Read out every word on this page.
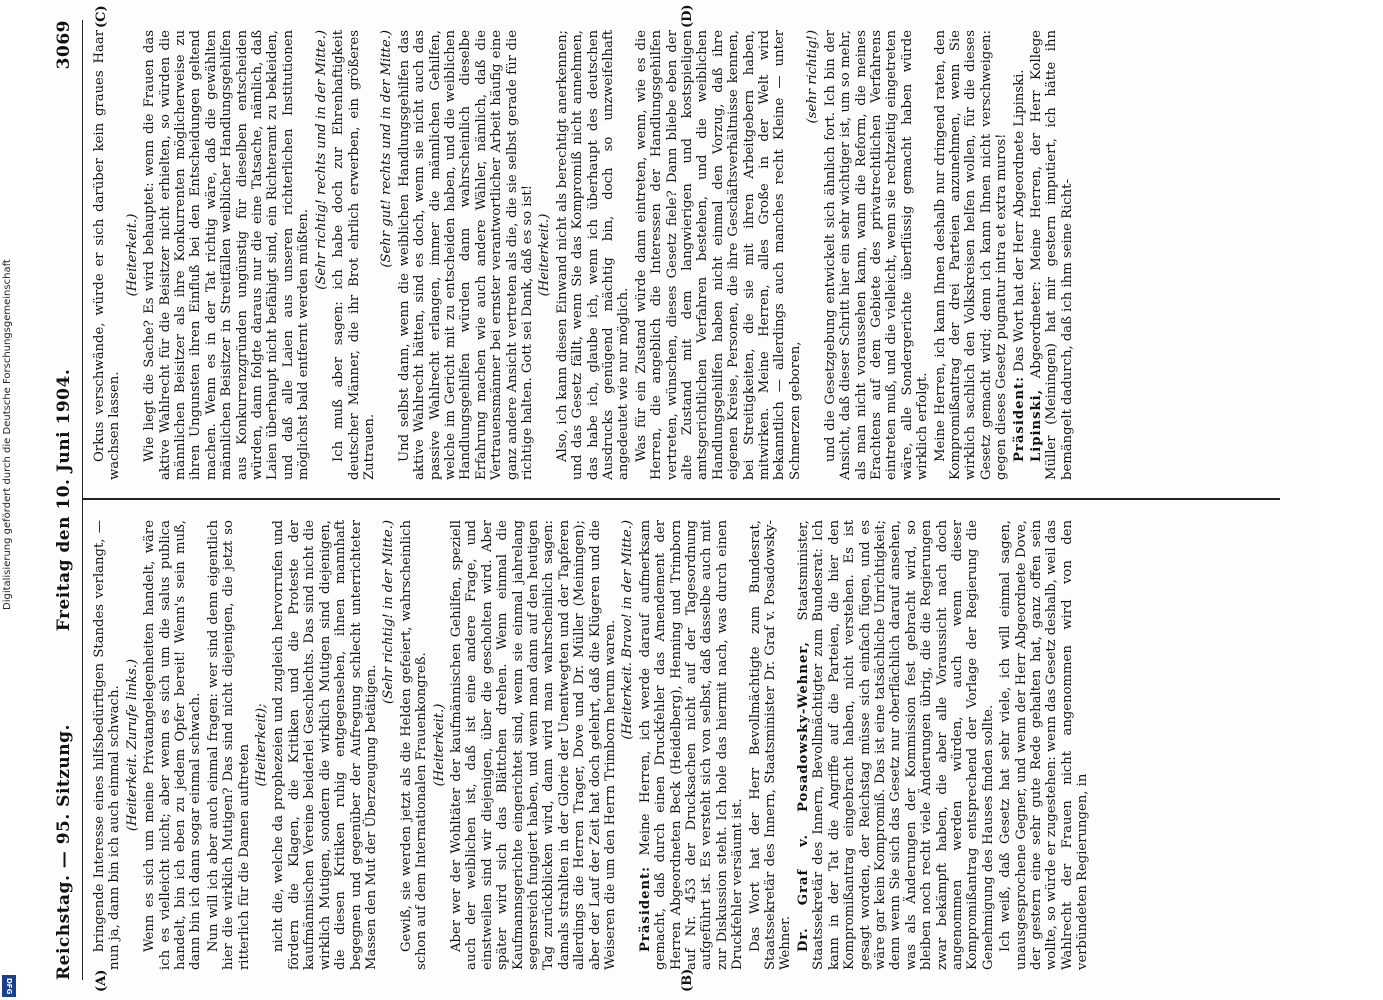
Reichstag. — 95. Sitzung.
Freitag den 10. Juni 1904.
3069
(A)	(B)
(C)	(D)

bringende Interesse eines hilfsbedürftigen Standes verlangt, — nun ja, dann bin ich auch einmal schwach. (Heiterkeit. Zurufe links.) Wenn es sich um meine Privatangelegenheiten handelt, wäre ich es vielleicht nicht; aber wenn es sich um die salus publica handelt, bin ich eben zu jedem Opfer bereit! Wenn's sein muß, dann bin ich dann sogar einmal schwach. Nun will ich aber auch einmal fragen: wer sind denn eigentlich hier die wirklich Mutigen? Das sind nicht diejenigen, die jetzt so ritterlich für die Damen auftreten (Heiterkeit); nicht die, welche da prophezeien und zugleich hervorrufen und fördern die Klagen, die Kritiken und die Proteste der kaufmännischen Vereine beiderlei Geschlechts. Das sind nicht die wirklich Mutigen, sondern die wirklich Mutigen sind diejenigen, die diesen Kritiken ruhig entgegensehen, ihnen mannhaft begegnen und gegenüber der Aufregung schlecht unterrichteter Massen den Mut der Überzeugung betätigen.

(Sehr richtig! in der Mitte.) Gewiß, sie werden jetzt als die Helden gefeiert, wahrscheinlich schon auf dem Internationalen Frauenkongreß. (Heiterkeit.) Aber wer der Wohltäter der kaufmännischen Gehilfen, speziell auch der weiblichen ist, daß ist eine andere Frage, und einstweilen sind wir diejenigen, über die gescholten wird. Aber später wird sich das Blättchen drehen. Wenn einmal die Kaufmannsgerichte eingerichtet sind, wenn sie einmal jahrelang segensreich fungiert haben, und wenn man dann auf den heutigen Tag zurückblicken wird, dann wird man wahrscheinlich sagen: damals strahlten in der Glorie der Unentwegten und der Tapferen allerdings die Herren Trager, Dove und Dr. Müller (Meiningen); aber der Lauf der Zeit hat doch gelehrt, daß die Klügeren und die Weiseren die um den Herrn Trimborn herum waren. (Heiterkeit. Bravo! in der Mitte.)

Präsident: Meine Herren, ich werde darauf aufmerksam gemacht, daß durch einen Druckfehler das Amendement der Herren Abgeordneten Beck (Heidelberg), Henning und Trimborn auf Nr. 453 der Drucksachen nicht auf der Tagesordnung aufgeführt ist. Es versteht sich von selbst, daß dasselbe auch mit zur Diskussion steht. Ich hole das hiermit nach, was durch einen Druckfehler versäumt ist. Das Wort hat der Herr Bevollmächtigte zum Bundesrat, Staatssekretär des Innern, Staatsminister Dr. Graf v. Posadowsky-Wehner. Dr. Graf v. Posadowsky-Wehner, Staatsminister, Staatssekretär des Innern, Bevollmächtigter zum Bundesrat: Ich kann in der Tat die Angriffe auf die Parteien, die hier den Kompromißantrag eingebracht haben, nicht verstehen. Es ist gesagt worden, der Reichstag müsse sich einfach fügen, und es wäre gar kein Kompromiß. Das ist eine tatsächliche Unrichtigkeit; denn wenn Sie sich das Gesetz nur oberflächlich darauf ansehen, was als Änderungen der Kommission fest gebracht wird, so bleiben noch recht viele Änderungen übrig, die die Regierungen zwar bekämpft haben, die aber alle Voraussicht nach doch angenommen werden würden, auch wenn dieser Kompromißantrag entsprechend der Vorlage der Regierung die Genehmigung des Hauses finden sollte. Ich weiß, daß Gesetz hat sehr viele, ich will einmal sagen, unausgesprochene Gegner, und wenn der Herr Abgeordnete Dove, der gestern eine sehr gute Rede gehalten hat, ganz offen sein wollte, so würde er zugestehen: wenn das Gesetz deshalb, weil das Wahlrecht der Frauen nicht angenommen wird von den verbündeten Regierungen, in

Orkus verschwände, würde er sich darüber kein graues Haar wachsen lassen.

(Heiterkeit.) Wie liegt die Sache? Es wird behauptet: wenn die Frauen das aktive Wahlrecht für die Beisitzer nicht erhielten, so würden die männlichen Beisitzer als ihre Konkurrenten möglicherweise zu ihren Ungunsten ihren Einfluß bei den Entscheidungen geltend machen. Wenn es in der Tat richtig wäre, daß die gewählten männlichen Beisitzer in Streitfällen weiblicher Handlungsgehilfen aus Konkurrenzgründen ungünstig für dieselben entscheiden würden, dann folgte daraus nur die eine Tatsache, nämlich, daß Laien überhaupt nicht befähigt sind, ein Richteramt zu bekleiden, und daß alle Laien aus unseren richterlichen Institutionen möglichst bald entfernt werden müßten.

(Sehr richtig! rechts und in der Mitte.) Ich muß aber sagen: ich habe doch zur Ehrenhaftigkeit deutscher Männer, die ihr Brot ehrlich erwerben, ein größeres Zutrauen.

(Sehr gut! rechts und in der Mitte.) Und selbst dann, wenn die weiblichen Handlungsgehilfen das aktive Wahlrecht hätten, sind es doch, wenn sie nicht auch das passive Wahlrecht erlangen, immer die männlichen Gehilfen, welche im Gericht mit zu entscheiden haben, und die weiblichen Handlungsgehilfen würden dann wahrscheinlich dieselbe Erfahrung machen wie auch andere Wähler, nämlich, daß die Vertrauensmänner bei ernster verantwortlicher Arbeit häufig eine ganz andere Ansicht vertreten als die, die sie selbst gerade für die richtige halten. Gott sei Dank, daß es so ist! (Heiterkeit.) Also, ich kann diesen Einwand nicht als berechtigt anerkennen; und das Gesetz fällt, wenn Sie das Kompromiß nicht annehmen, das habe ich, glaube ich, wenn ich überhaupt des deutschen Ausdrucks genügend mächtig bin, doch so unzweifelhaft angedeutet wie nur möglich. Was für ein Zustand würde dann eintreten, wenn, wie es die Herren, die angeblich die Interessen der Handlungsgehilfen vertreten, wünschen, dieses Gesetz fiele? Dann bliebe eben der alte Zustand mit dem langwierigen und kostspieligen amtsgerichtlichen Verfahren bestehen, und die weiblichen Handlungsgehilfen haben nicht einmal den Vorzug, daß ihre eigenen Kreise, Personen, die ihre Geschäftsverhältnisse kennen, bei Streitigkeiten, die sie mit ihren Arbeitgebern haben, mitwirken. Meine Herren, alles Große in der Welt wird bekanntlich — allerdings auch manches recht Kleine — unter Schmerzen geboren,

(sehr richtig!) und die Gesetzgebung entwickelt sich ähnlich fort. Ich bin der Ansicht, daß dieser Schritt hier ein sehr wichtiger ist, um so mehr, als man nicht voraussehen kann, wann die Reform, die meines Erachtens auf dem Gebiete des privatrechtlichen Verfahrens eintreten muß, und die vielleicht, wenn sie rechtzeitig eingetreten wäre, alle Sondergerichte überflüssig gemacht haben würde wirklich erfolgt. Meine Herren, ich kann Ihnen deshalb nur dringend raten, den Kompromißantrag der drei Parteien anzunehmen, wenn Sie wirklich sachlich den Volkskreisen helfen wollen, für die dieses Gesetz gemacht wird; denn ich kann Ihnen nicht verschweigen: gegen dieses Gesetz pugnatur intra et extra muros! Präsident: Das Wort hat der Herr Abgeordnete Lipinski.

Lipinski, Abgeordneter: Meine Herren, der Herr Kollege Müller (Meiningen) hat mir gestern imputiert, ich hätte ihn bemängelt dadurch, daß ich ihm seine Richt-

Digitalisierung gefördert durch die Deutsche Forschungsgemeinschaft
DFG
